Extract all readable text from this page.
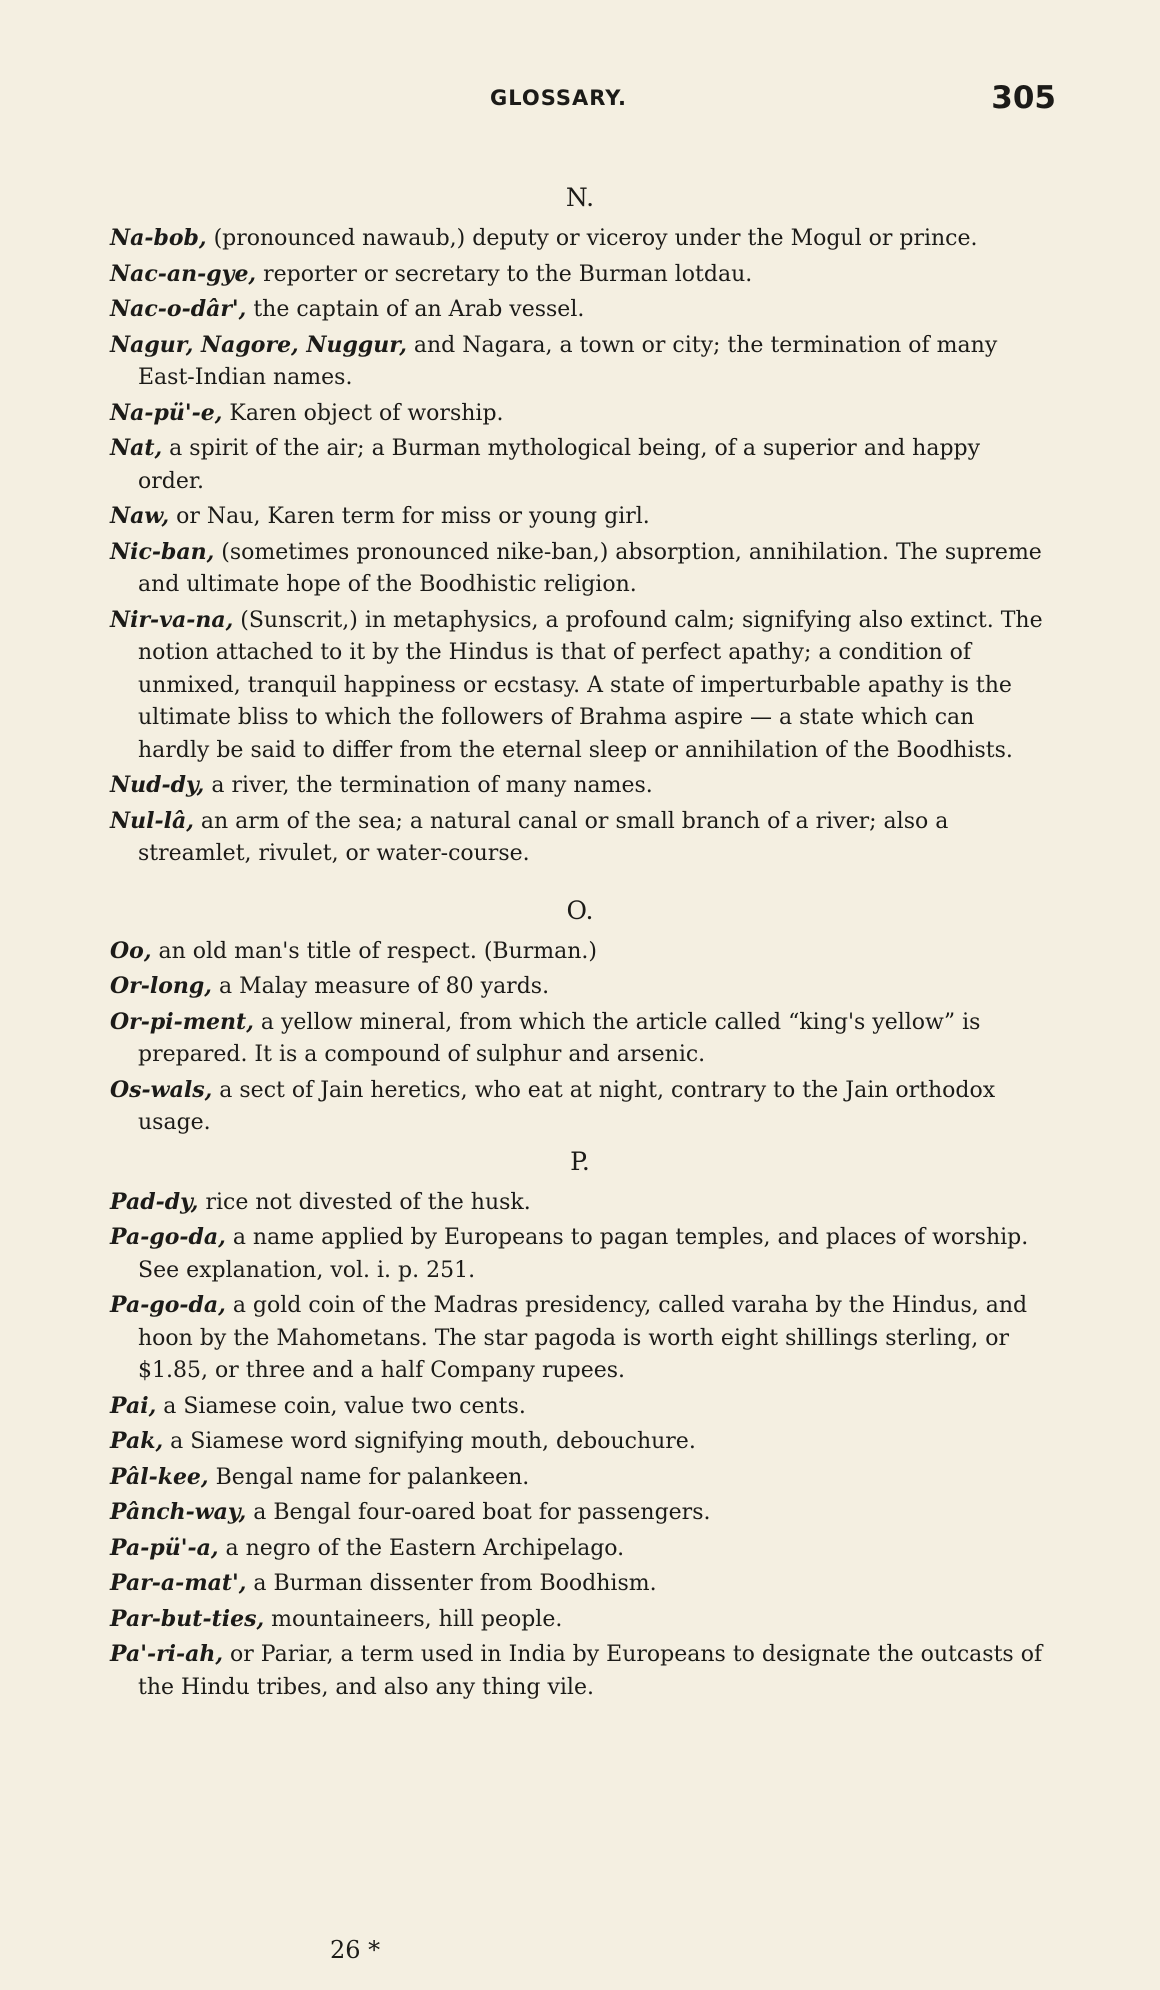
GLOSSARY.	305
N.

Na-bob, (pronounced nawaub,) deputy or viceroy under the Mogul or prince.

Nac-an-gye, reporter or secretary to the Burman lotdau.

Nac-o-dâr', the captain of an Arab vessel.

Nagur, Nagore, Nuggur, and Nagara, a town or city; the termination of many East-Indian names.

Na-pü'-e, Karen object of worship.

Nat, a spirit of the air; a Burman mythological being, of a superior and happy order.

Naw, or Nau, Karen term for miss or young girl.

Nic-ban, (sometimes pronounced nike-ban,) absorption, annihilation. The supreme and ultimate hope of the Boodhistic religion.

Nir-va-na, (Sunscrit,) in metaphysics, a profound calm; signifying also extinct. The notion attached to it by the Hindus is that of perfect apathy; a condition of unmixed, tranquil happiness or ecstasy. A state of imperturbable apathy is the ultimate bliss to which the followers of Brahma aspire — a state which can hardly be said to differ from the eternal sleep or annihilation of the Boodhists.

Nud-dy, a river, the termination of many names.

Nul-lâ, an arm of the sea; a natural canal or small branch of a river; also a streamlet, rivulet, or water-course.

O.

Oo, an old man's title of respect. (Burman.)

Or-long, a Malay measure of 80 yards.

Or-pi-ment, a yellow mineral, from which the article called “king's yellow” is prepared. It is a compound of sulphur and arsenic.

Os-wals, a sect of Jain heretics, who eat at night, contrary to the Jain orthodox usage.

P.

Pad-dy, rice not divested of the husk.

Pa-go-da, a name applied by Europeans to pagan temples, and places of worship. See explanation, vol. i. p. 251.

Pa-go-da, a gold coin of the Madras presidency, called varaha by the Hindus, and hoon by the Mahometans. The star pagoda is worth eight shillings sterling, or $1.85, or three and a half Company rupees.

Pai, a Siamese coin, value two cents.

Pak, a Siamese word signifying mouth, debouchure.

Pâl-kee, Bengal name for palankeen.

Pânch-way, a Bengal four-oared boat for passengers.

Pa-pü'-a, a negro of the Eastern Archipelago.

Par-a-mat', a Burman dissenter from Boodhism.

Par-but-ties, mountaineers, hill people.

Pa'-ri-ah, or Pariar, a term used in India by Europeans to designate the outcasts of the Hindu tribes, and also any thing vile.

26 *
